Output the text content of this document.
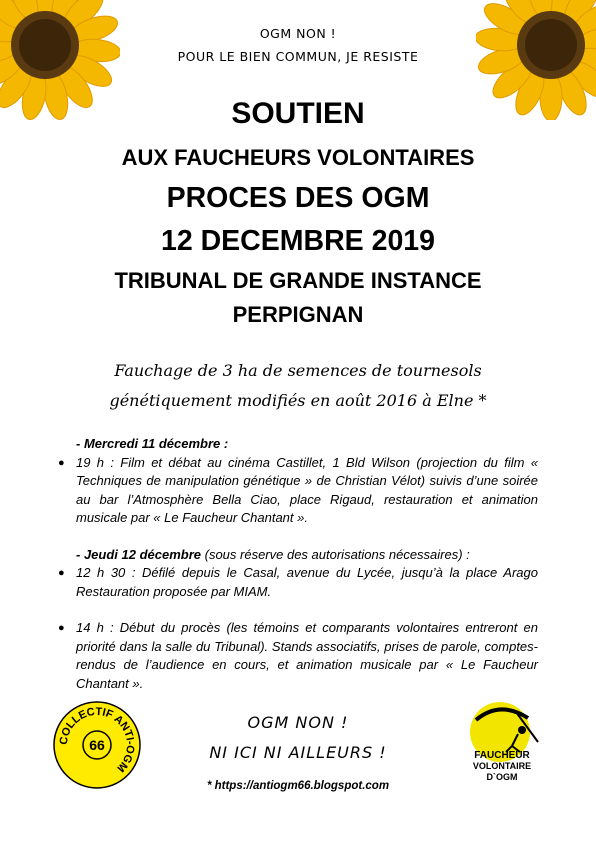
OGM NON !
POUR LE BIEN COMMUN, JE RESISTE
SOUTIEN
AUX FAUCHEURS VOLONTAIRES
PROCES DES OGM
12 DECEMBRE 2019
TRIBUNAL DE GRANDE INSTANCE
PERPIGNAN
Fauchage de 3 ha de semences de tournesols
génétiquement modifiés en août 2016 à Elne *
- Mercredi 11 décembre :
● 19 h : Film et débat au cinéma Castillet, 1 Bld Wilson (projection du film « Techniques de manipulation génétique » de Christian Vélot) suivis d’une soirée au bar l’Atmosphère Bella Ciao, place Rigaud, restauration et animation musicale par « Le Faucheur Chantant ».
- Jeudi 12 décembre (sous réserve des autorisations nécessaires) :
● 12 h 30 : Défilé depuis le Casal, avenue du Lycée, jusqu’à la place Arago Restauration proposée par MIAM.
● 14 h : Début du procès (les témoins et comparants volontaires entreront en priorité dans la salle du Tribunal). Stands associatifs, prises de parole, comptes-rendus de l’audience en cours, et animation musicale par « Le Faucheur Chantant ».
COLLECTIF ANTI-OGM
66
OGM NON !
NI ICI NI AILLEURS !
* https://antiogm66.blogspot.com
FAUCHEUR
VOLONTAIRE
D`OGM
